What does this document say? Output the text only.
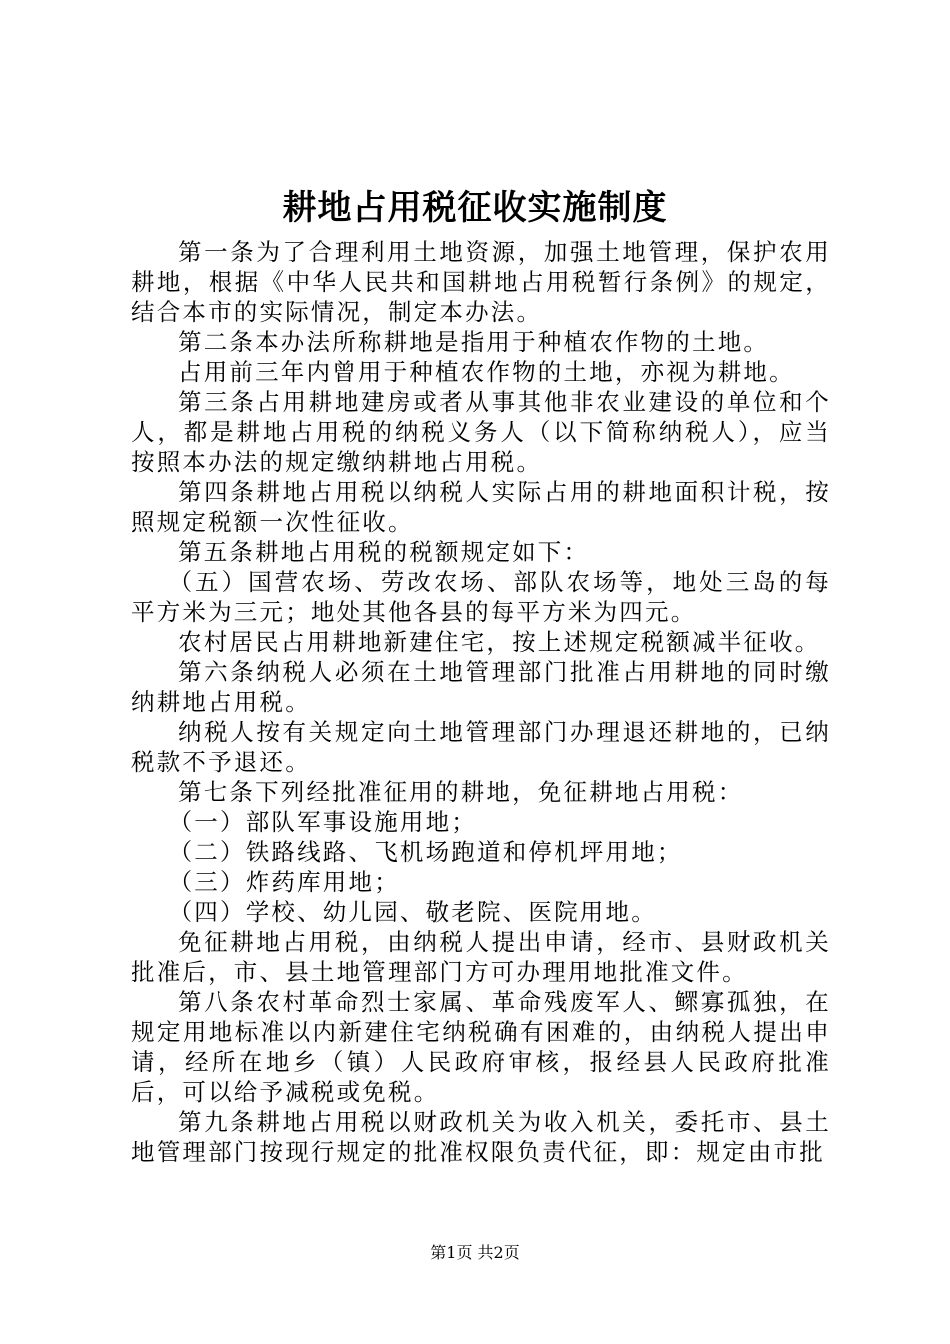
耕地占用税征收实施制度

第一条为了合理利用土地资源，加强土地管理，保护农用耕地，根据《中华人民共和国耕地占用税暂行条例》的规定，结合本市的实际情况，制定本办法。

第二条本办法所称耕地是指用于种植农作物的土地。

占用前三年内曾用于种植农作物的土地，亦视为耕地。

第三条占用耕地建房或者从事其他非农业建设的单位和个人，都是耕地占用税的纳税义务人（以下简称纳税人），应当按照本办法的规定缴纳耕地占用税。

第四条耕地占用税以纳税人实际占用的耕地面积计税，按照规定税额一次性征收。

第五条耕地占用税的税额规定如下：

（五）国营农场、劳改农场、部队农场等，地处三岛的每平方米为三元；地处其他各县的每平方米为四元。

农村居民占用耕地新建住宅，按上述规定税额减半征收。

第六条纳税人必须在土地管理部门批准占用耕地的同时缴纳耕地占用税。

纳税人按有关规定向土地管理部门办理退还耕地的，已纳税款不予退还。

第七条下列经批准征用的耕地，免征耕地占用税：

（一）部队军事设施用地；

（二）铁路线路、飞机场跑道和停机坪用地；

（三）炸药库用地；

（四）学校、幼儿园、敬老院、医院用地。

免征耕地占用税，由纳税人提出申请，经市、县财政机关批准后，市、县土地管理部门方可办理用地批准文件。

第八条农村革命烈士家属、革命残废军人、鳏寡孤独，在规定用地标准以内新建住宅纳税确有困难的，由纳税人提出申请，经所在地乡（镇）人民政府审核，报经县人民政府批准后，可以给予减税或免税。

第九条耕地占用税以财政机关为收入机关，委托市、县土地管理部门按现行规定的批准权限负责代征，即：规定由市批

第1页 共2页
